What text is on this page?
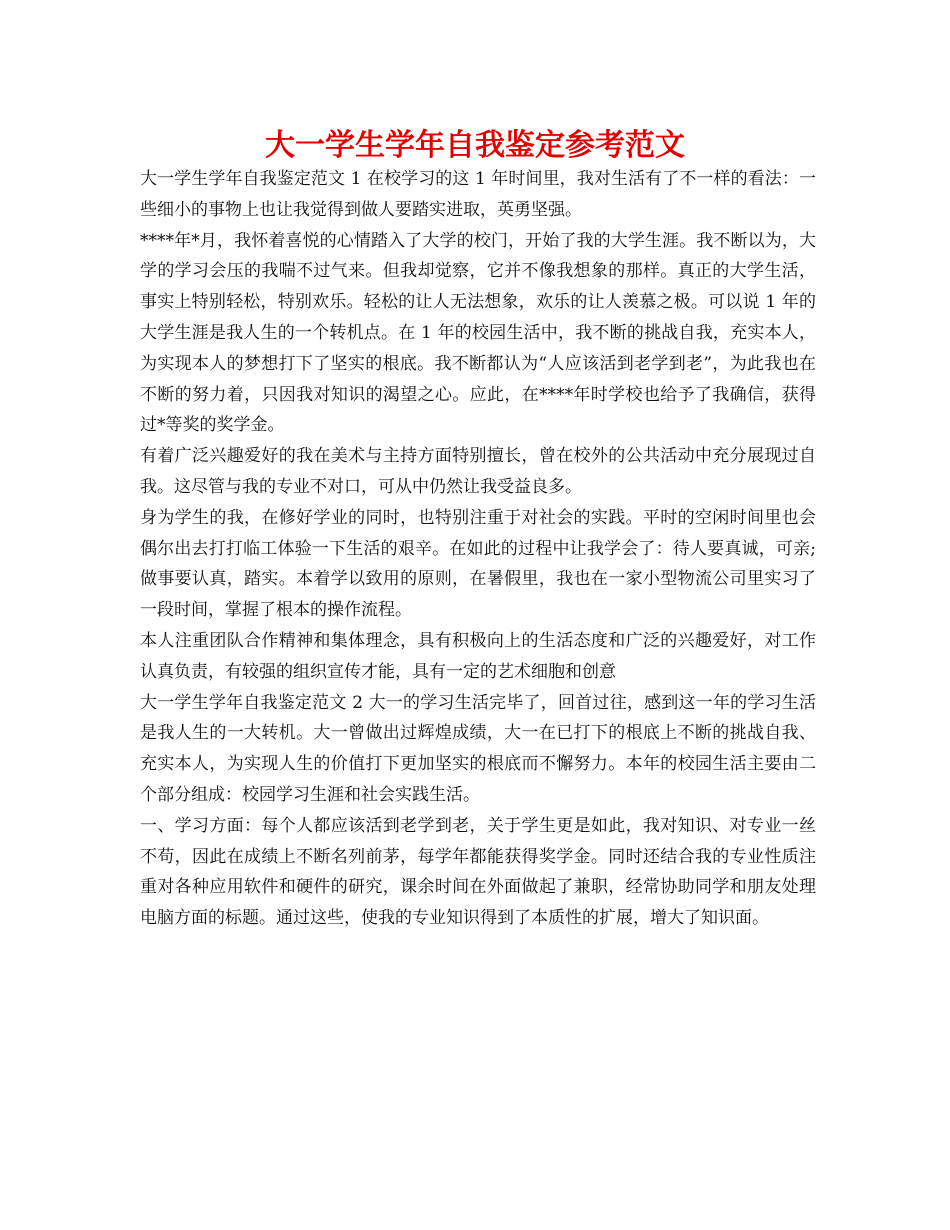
大一学生学年自我鉴定参考范文

大一学生学年自我鉴定范文 1 在校学习的这 1 年时间里，我对生活有了不一样的看法：一些细小的事物上也让我觉得到做人要踏实进取，英勇坚强。

****年*月，我怀着喜悦的心情踏入了大学的校门，开始了我的大学生涯。我不断以为，大学的学习会压的我喘不过气来。但我却觉察，它并不像我想象的那样。真正的大学生活，事实上特别轻松，特别欢乐。轻松的让人无法想象，欢乐的让人羡慕之极。可以说 1 年的大学生涯是我人生的一个转机点。在 1 年的校园生活中，我不断的挑战自我，充实本人，为实现本人的梦想打下了坚实的根底。我不断都认为“人应该活到老学到老”，为此我也在不断的努力着，只因我对知识的渴望之心。应此，在****年时学校也给予了我确信，获得过*等奖的奖学金。

有着广泛兴趣爱好的我在美术与主持方面特别擅长，曾在校外的公共活动中充分展现过自我。这尽管与我的专业不对口，可从中仍然让我受益良多。

身为学生的我，在修好学业的同时，也特别注重于对社会的实践。平时的空闲时间里也会偶尔出去打打临工体验一下生活的艰辛。在如此的过程中让我学会了：待人要真诚，可亲;做事要认真，踏实。本着学以致用的原则，在暑假里，我也在一家小型物流公司里实习了一段时间，掌握了根本的操作流程。

本人注重团队合作精神和集体理念，具有积极向上的生活态度和广泛的兴趣爱好，对工作认真负责，有较强的组织宣传才能，具有一定的艺术细胞和创意

大一学生学年自我鉴定范文 2 大一的学习生活完毕了，回首过往，感到这一年的学习生活是我人生的一大转机。大一曾做出过辉煌成绩，大一在已打下的根底上不断的挑战自我、充实本人，为实现人生的价值打下更加坚实的根底而不懈努力。本年的校园生活主要由二个部分组成：校园学习生涯和社会实践生活。

一、学习方面：每个人都应该活到老学到老，关于学生更是如此，我对知识、对专业一丝不苟，因此在成绩上不断名列前茅，每学年都能获得奖学金。同时还结合我的专业性质注重对各种应用软件和硬件的研究，课余时间在外面做起了兼职，经常协助同学和朋友处理电脑方面的标题。通过这些，使我的专业知识得到了本质性的扩展，增大了知识面。
